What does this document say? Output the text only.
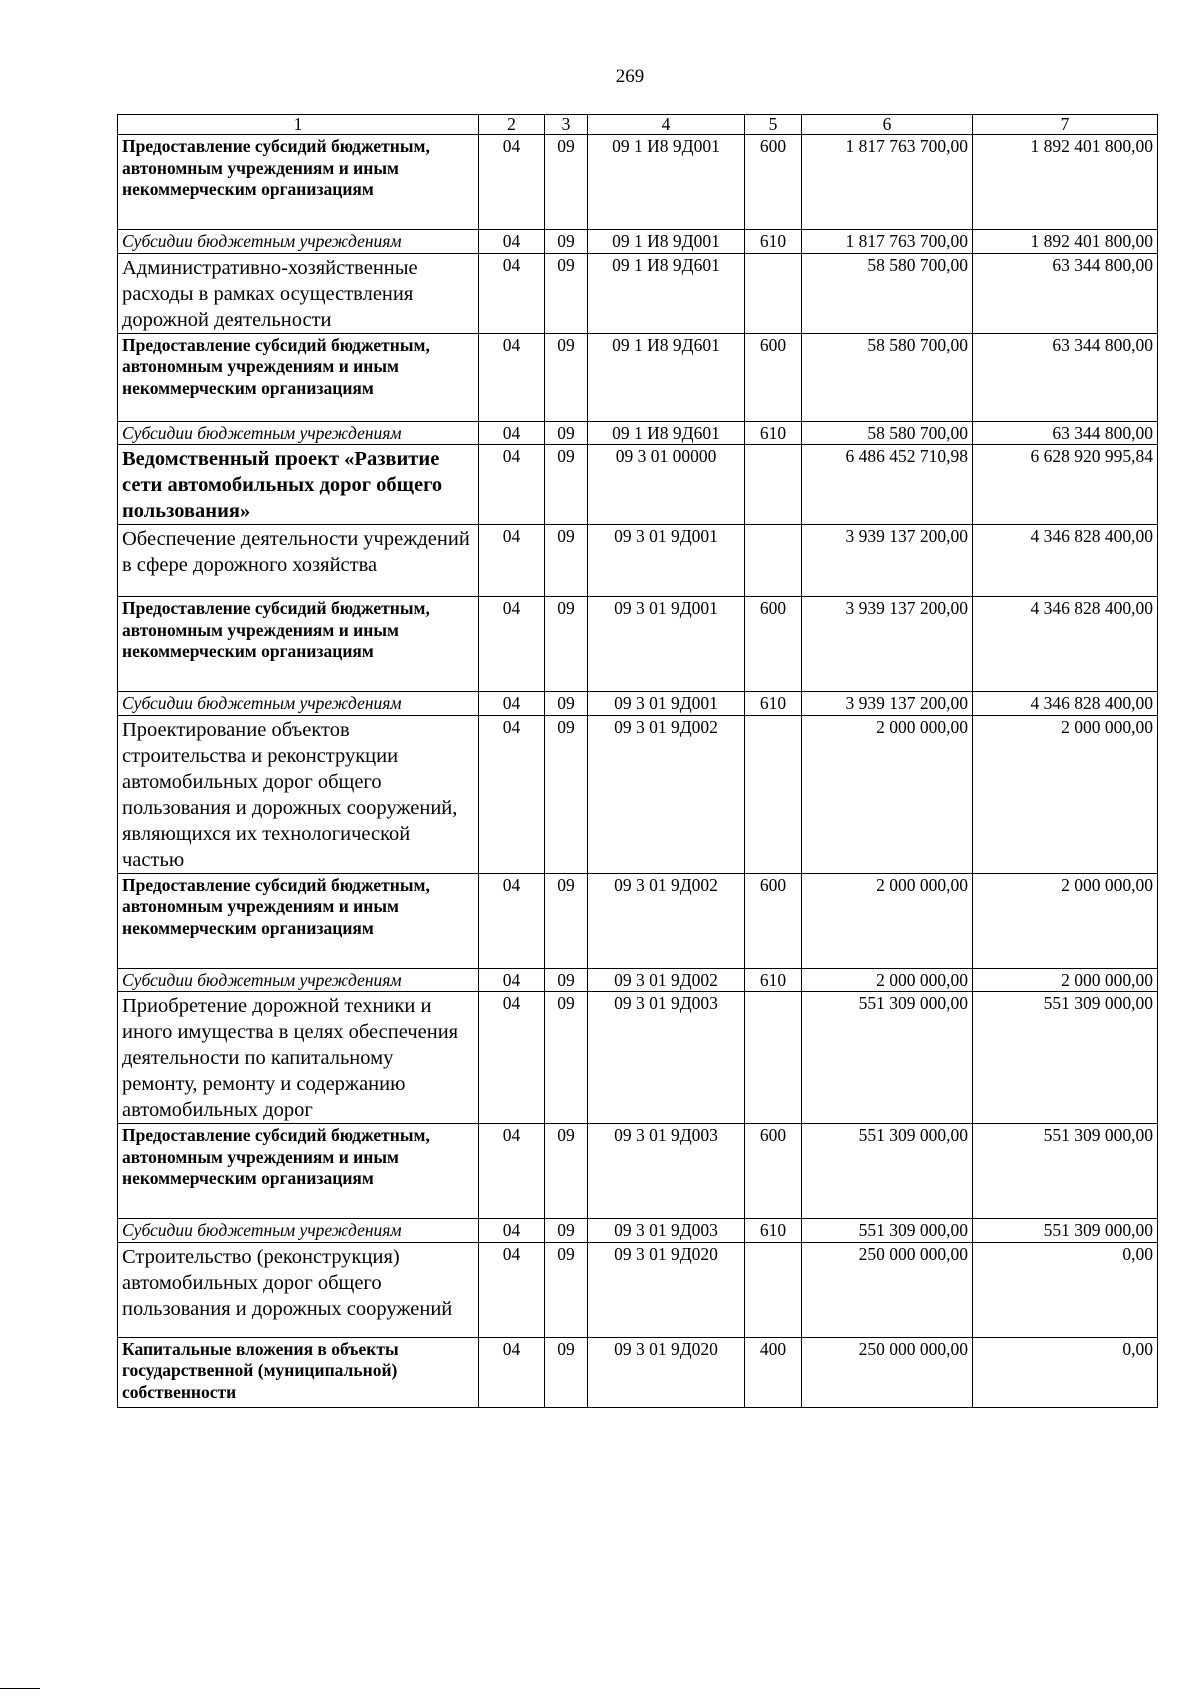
269
1	2	3	4	5	6	7
Предоставление субсидий бюджетным, автономным учреждениям и иным некоммерческим организациям	04	09	09 1 И8 9Д001	600	1 817 763 700,00	1 892 401 800,00
Субсидии бюджетным учреждениям	04	09	09 1 И8 9Д001	610	1 817 763 700,00	1 892 401 800,00
Административно-хозяйственные расходы в рамках осуществления дорожной деятельности	04	09	09 1 И8 9Д601		58 580 700,00	63 344 800,00
Предоставление субсидий бюджетным, автономным учреждениям и иным некоммерческим организациям	04	09	09 1 И8 9Д601	600	58 580 700,00	63 344 800,00
Субсидии бюджетным учреждениям	04	09	09 1 И8 9Д601	610	58 580 700,00	63 344 800,00
Ведомственный проект «Развитие сети автомобильных дорог общего пользования»	04	09	09 3 01 00000		6 486 452 710,98	6 628 920 995,84
Обеспечение деятельности учреждений в сфере дорожного хозяйства	04	09	09 3 01 9Д001		3 939 137 200,00	4 346 828 400,00
Предоставление субсидий бюджетным, автономным учреждениям и иным некоммерческим организациям	04	09	09 3 01 9Д001	600	3 939 137 200,00	4 346 828 400,00
Субсидии бюджетным учреждениям	04	09	09 3 01 9Д001	610	3 939 137 200,00	4 346 828 400,00
Проектирование объектов строительства и реконструкции автомобильных дорог общего пользования и дорожных сооружений, являющихся их технологической частью	04	09	09 3 01 9Д002		2 000 000,00	2 000 000,00
Предоставление субсидий бюджетным, автономным учреждениям и иным некоммерческим организациям	04	09	09 3 01 9Д002	600	2 000 000,00	2 000 000,00
Субсидии бюджетным учреждениям	04	09	09 3 01 9Д002	610	2 000 000,00	2 000 000,00
Приобретение дорожной техники и иного имущества в целях обеспечения деятельности по капитальному ремонту, ремонту и содержанию автомобильных дорог	04	09	09 3 01 9Д003		551 309 000,00	551 309 000,00
Предоставление субсидий бюджетным, автономным учреждениям и иным некоммерческим организациям	04	09	09 3 01 9Д003	600	551 309 000,00	551 309 000,00
Субсидии бюджетным учреждениям	04	09	09 3 01 9Д003	610	551 309 000,00	551 309 000,00
Строительство (реконструкция) автомобильных дорог общего пользования и дорожных сооружений	04	09	09 3 01 9Д020		250 000 000,00	0,00
Капитальные вложения в объекты государственной (муниципальной) собственности	04	09	09 3 01 9Д020	400	250 000 000,00	0,00
